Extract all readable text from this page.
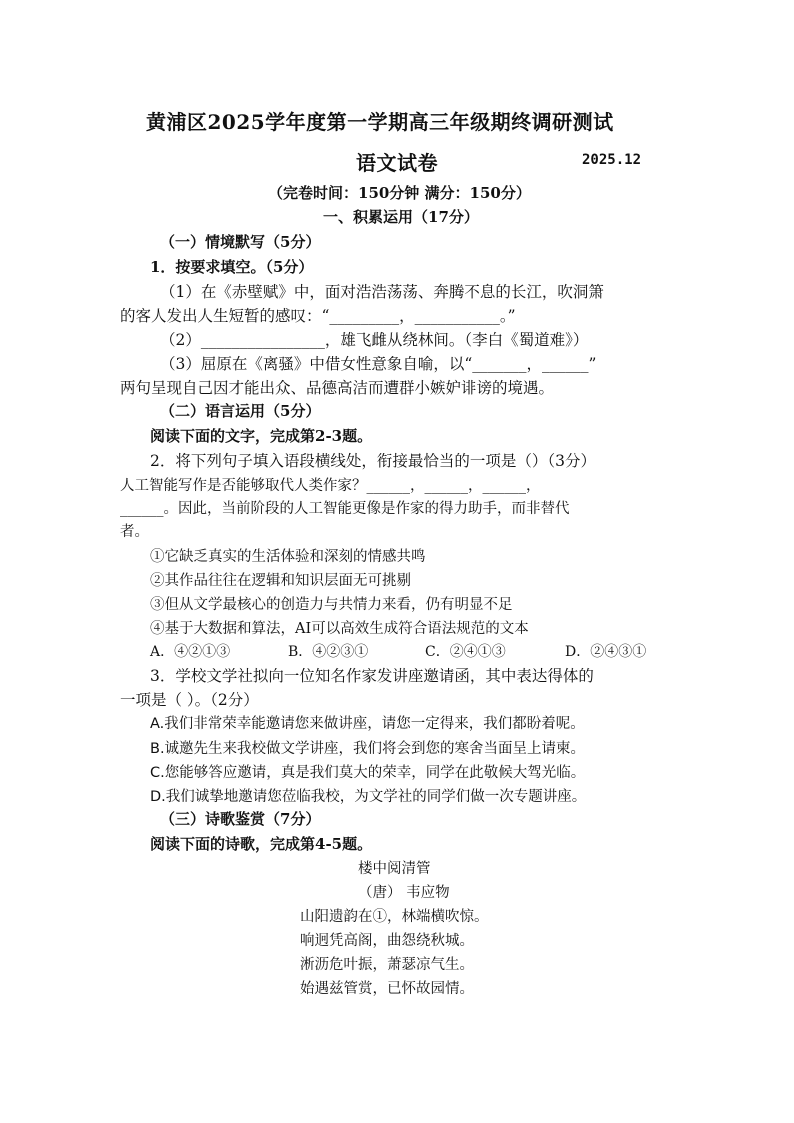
黄浦区2025学年度第一学期高三年级期终调研测试
语文试卷	2025.12
（完卷时间：150分钟 满分：150分）
一、积累运用（17分）
（一）情境默写（5分）
1．按要求填空。（5分）
（1）在《赤壁赋》中，面对浩浩荡荡、奔腾不息的长江，吹洞箫
的客人发出人生短暂的感叹：“_________，___________。”
（2）________________，雄飞雌从绕林间。（李白《蜀道难》）
（3）屈原在《离骚》中借女性意象自喻，以“_______，______”
两句呈现自己因才能出众、品德高洁而遭群小嫉妒诽谤的境遇。
（二）语言运用（5分）
阅读下面的文字，完成第2-3题。
2．将下列句子填入语段横线处，衔接最恰当的一项是（）（3分）
人工智能写作是否能够取代人类作家？______，______，______，
______。因此，当前阶段的人工智能更像是作家的得力助手，而非替代
者。
①它缺乏真实的生活体验和深刻的情感共鸣
②其作品往往在逻辑和知识层面无可挑剔
③但从文学最核心的创造力与共情力来看，仍有明显不足
④基于大数据和算法，AI可以高效生成符合语法规范的文本
A．④②①③	B．④②③①	C．②④①③	D．②④③①
3．学校文学社拟向一位知名作家发讲座邀请函，其中表达得体的
一项是（ ）。（2分）
A.我们非常荣幸能邀请您来做讲座，请您一定得来，我们都盼着呢。
B.诚邀先生来我校做文学讲座，我们将会到您的寒舍当面呈上请柬。
C.您能够答应邀请，真是我们莫大的荣幸，同学在此敬候大驾光临。
D.我们诚挚地邀请您莅临我校，为文学社的同学们做一次专题讲座。
（三）诗歌鉴赏（7分）
阅读下面的诗歌，完成第4-5题。
楼中阅清管
（唐） 韦应物
山阳遗韵在①，林端横吹惊。
响迥凭高阁，曲怨绕秋城。
淅沥危叶振，萧瑟凉气生。
始遇兹管赏，已怀故园情。
